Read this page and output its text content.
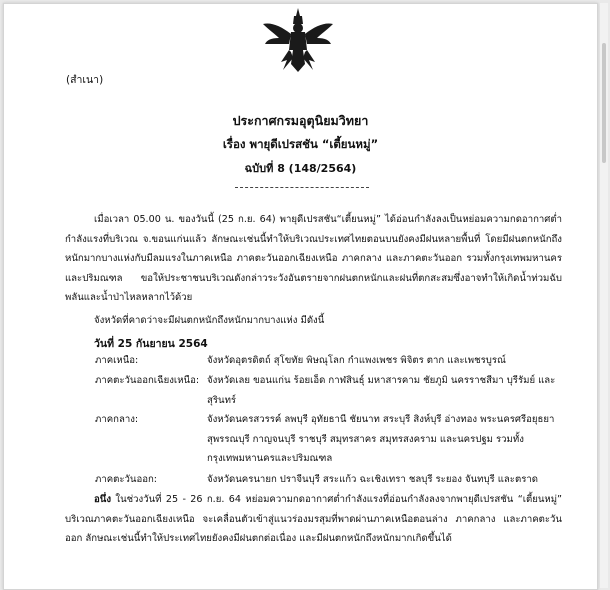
(สำเนา)
ประกาศกรมอุตุนิยมวิทยา
เรื่อง พายุดีเปรสชัน “เตี้ยนหมู่”
ฉบับที่ 8 (148/2564)
เมื่อเวลา 05.00 น. ของวันนี้ (25 ก.ย. 64) พายุดีเปรสชัน“เตี้ยนหมู่” ได้อ่อนกำลังลงเป็นหย่อมความกดอากาศต่ำกำลังแรงที่บริเวณ จ.ขอนแก่นแล้ว ลักษณะเช่นนี้ทำให้บริเวณประเทศไทยตอนบนยังคงมีฝนหลายพื้นที่ โดยมีฝนตกหนักถึงหนักมากบางแห่งกับมีลมแรงในภาคเหนือ ภาคตะวันออกเฉียงเหนือ ภาคกลาง และภาคตะวันออก รวมทั้งกรุงเทพมหานครและปริมณฑล ขอให้ประชาชนบริเวณดังกล่าวระวังอันตรายจากฝนตกหนักและฝนที่ตกสะสมซึ่งอาจทำให้เกิดน้ำท่วมฉับพลันและน้ำป่าไหลหลากไว้ด้วย
จังหวัดที่คาดว่าจะมีฝนตกหนักถึงหนักมากบางแห่ง มีดังนี้
วันที่ 25 กันยายน 2564
ภาคเหนือ:	จังหวัดอุตรดิตถ์ สุโขทัย พิษณุโลก กำแพงเพชร พิจิตร ตาก และเพชรบูรณ์
ภาคตะวันออกเฉียงเหนือ: จังหวัดเลย ขอนแก่น ร้อยเอ็ด กาฬสินธุ์ มหาสารคาม ชัยภูมิ นครราชสีมา บุรีรัมย์ และสุรินทร์
ภาคกลาง:	จังหวัดนครสวรรค์ ลพบุรี อุทัยธานี ชัยนาท สระบุรี สิงห์บุรี อ่างทอง พระนครศรีอยุธยา สุพรรณบุรี กาญจนบุรี ราชบุรี สมุทรสาคร สมุทรสงคราม และนครปฐม รวมทั้งกรุงเทพมหานครและปริมณฑล
ภาคตะวันออก:	จังหวัดนครนายก ปราจีนบุรี สระแก้ว ฉะเชิงเทรา ชลบุรี ระยอง จันทบุรี และตราด
อนึ่ง ในช่วงวันที่ 25 - 26 ก.ย. 64 หย่อมความกดอากาศต่ำกำลังแรงที่อ่อนกำลังลงจากพายุดีเปรสชัน “เตี้ยนหมู่” บริเวณภาคตะวันออกเฉียงเหนือ จะเคลื่อนตัวเข้าสู่แนวร่องมรสุมที่พาดผ่านภาคเหนือตอนล่าง ภาคกลาง และภาคตะวันออก ลักษณะเช่นนี้ทำให้ประเทศไทยยังคงมีฝนตกต่อเนื่อง และมีฝนตกหนักถึงหนักมากเกิดขึ้นได้
